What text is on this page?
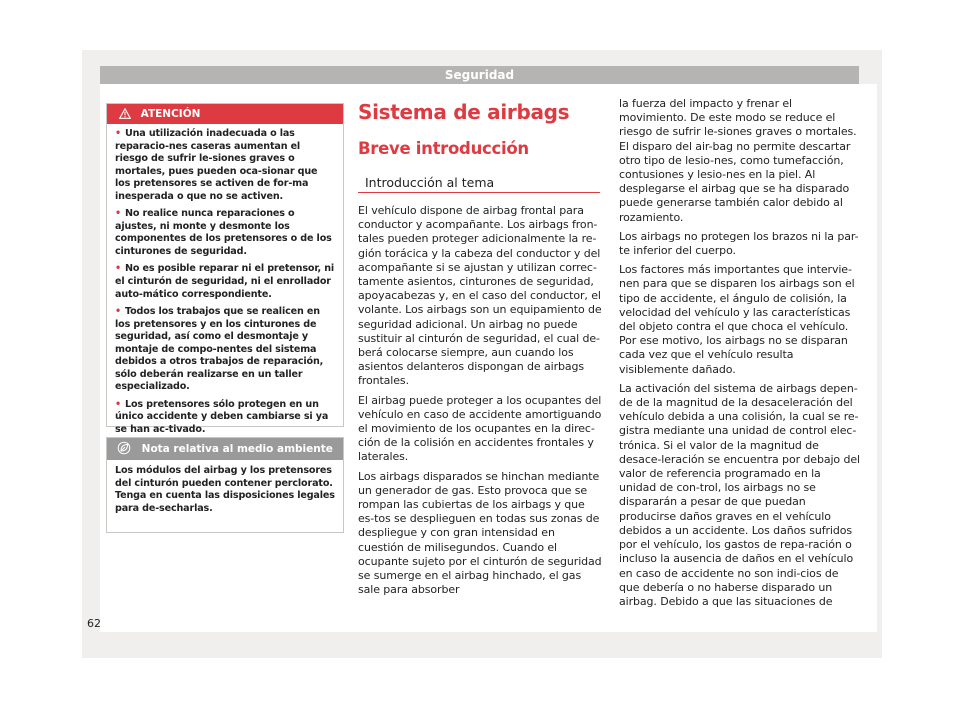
Seguridad
ATENCIÓN

• Una utilización inadecuada o las reparacio-nes caseras aumentan el riesgo de sufrir le-siones graves o mortales, pues pueden oca-sionar que los pretensores se activen de for-ma inesperada o que no se activen.

• No realice nunca reparaciones o ajustes, ni monte y desmonte los componentes de los pretensores o de los cinturones de seguridad.

• No es posible reparar ni el pretensor, ni el cinturón de seguridad, ni el enrollador auto-mático correspondiente.

• Todos los trabajos que se realicen en los pretensores y en los cinturones de seguridad, así como el desmontaje y montaje de compo-nentes del sistema debidos a otros trabajos de reparación, sólo deberán realizarse en un taller especializado.

• Los pretensores sólo protegen en un único accidente y deben cambiarse si ya se han ac-tivado.

Nota relativa al medio ambiente
Los módulos del airbag y los pretensores del cinturón pueden contener perclorato. Tenga en cuenta las disposiciones legales para de-secharlas.
Sistema de airbags
Breve introducción
Introducción al tema

El vehículo dispone de airbag frontal para conductor y acompañante. Los airbags fron-tales pueden proteger adicionalmente la re-gión torácica y la cabeza del conductor y del acompañante si se ajustan y utilizan correc-tamente asientos, cinturones de seguridad, apoyacabezas y, en el caso del conductor, el volante. Los airbags son un equipamiento de seguridad adicional. Un airbag no puede sustituir al cinturón de seguridad, el cual de-berá colocarse siempre, aun cuando los asientos delanteros dispongan de airbags frontales.

El airbag puede proteger a los ocupantes del vehículo en caso de accidente amortiguando el movimiento de los ocupantes en la direc-ción de la colisión en accidentes frontales y laterales.

Los airbags disparados se hinchan mediante un generador de gas. Esto provoca que se rompan las cubiertas de los airbags y que es-tos se desplieguen en todas sus zonas de despliegue y con gran intensidad en cuestión de milisegundos. Cuando el ocupante sujeto por el cinturón de seguridad se sumerge en el airbag hinchado, el gas sale para absorber

la fuerza del impacto y frenar el movimiento. De este modo se reduce el riesgo de sufrir le-siones graves o mortales. El disparo del air-bag no permite descartar otro tipo de lesio-nes, como tumefacción, contusiones y lesio-nes en la piel. Al desplegarse el airbag que se ha disparado puede generarse también calor debido al rozamiento.

Los airbags no protegen los brazos ni la par-te inferior del cuerpo.

Los factores más importantes que intervie-nen para que se disparen los airbags son el tipo de accidente, el ángulo de colisión, la velocidad del vehículo y las características del objeto contra el que choca el vehículo. Por ese motivo, los airbags no se disparan cada vez que el vehículo resulta visiblemente dañado.

La activación del sistema de airbags depen-de de la magnitud de la desaceleración del vehículo debida a una colisión, la cual se re-gistra mediante una unidad de control elec-trónica. Si el valor de la magnitud de desace-leración se encuentra por debajo del valor de referencia programado en la unidad de con-trol, los airbags no se dispararán a pesar de que puedan producirse daños graves en el vehículo debidos a un accidente. Los daños sufridos por el vehículo, los gastos de repa-ración o incluso la ausencia de daños en el vehículo en caso de accidente no son indi-cios de que debería o no haberse disparado un airbag. Debido a que las situaciones de

62
